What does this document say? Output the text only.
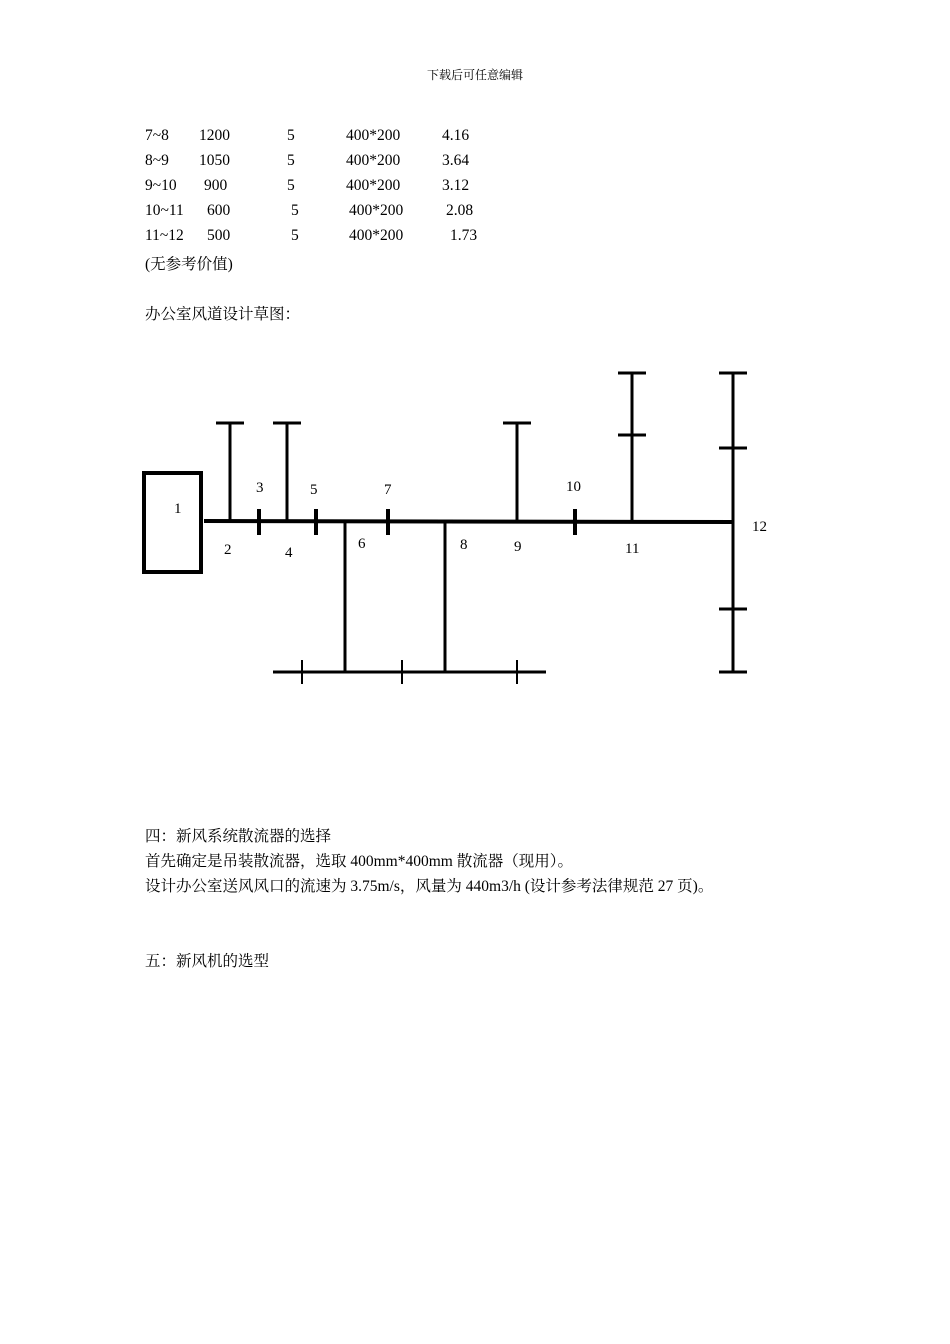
下载后可任意编辑
7~8 1200	5	400*200	4.16
8~9 1050	5	400*200	3.64
9~10 900	5	400*200	3.12
10~11 600	5	400*200	2.08
11~12 500	5	400*200	1.73
(无参考价值)
办公室风道设计草图：
1
2
3
4
5
6
7
8	9
10
11
12
四：新风系统散流器的选择
首先确定是吊装散流器，选取 400mm*400mm 散流器（现用）。
设计办公室送风风口的流速为 3.75m/s，风量为 440m3/h (设计参考法律规范 27 页)。
五：新风机的选型
